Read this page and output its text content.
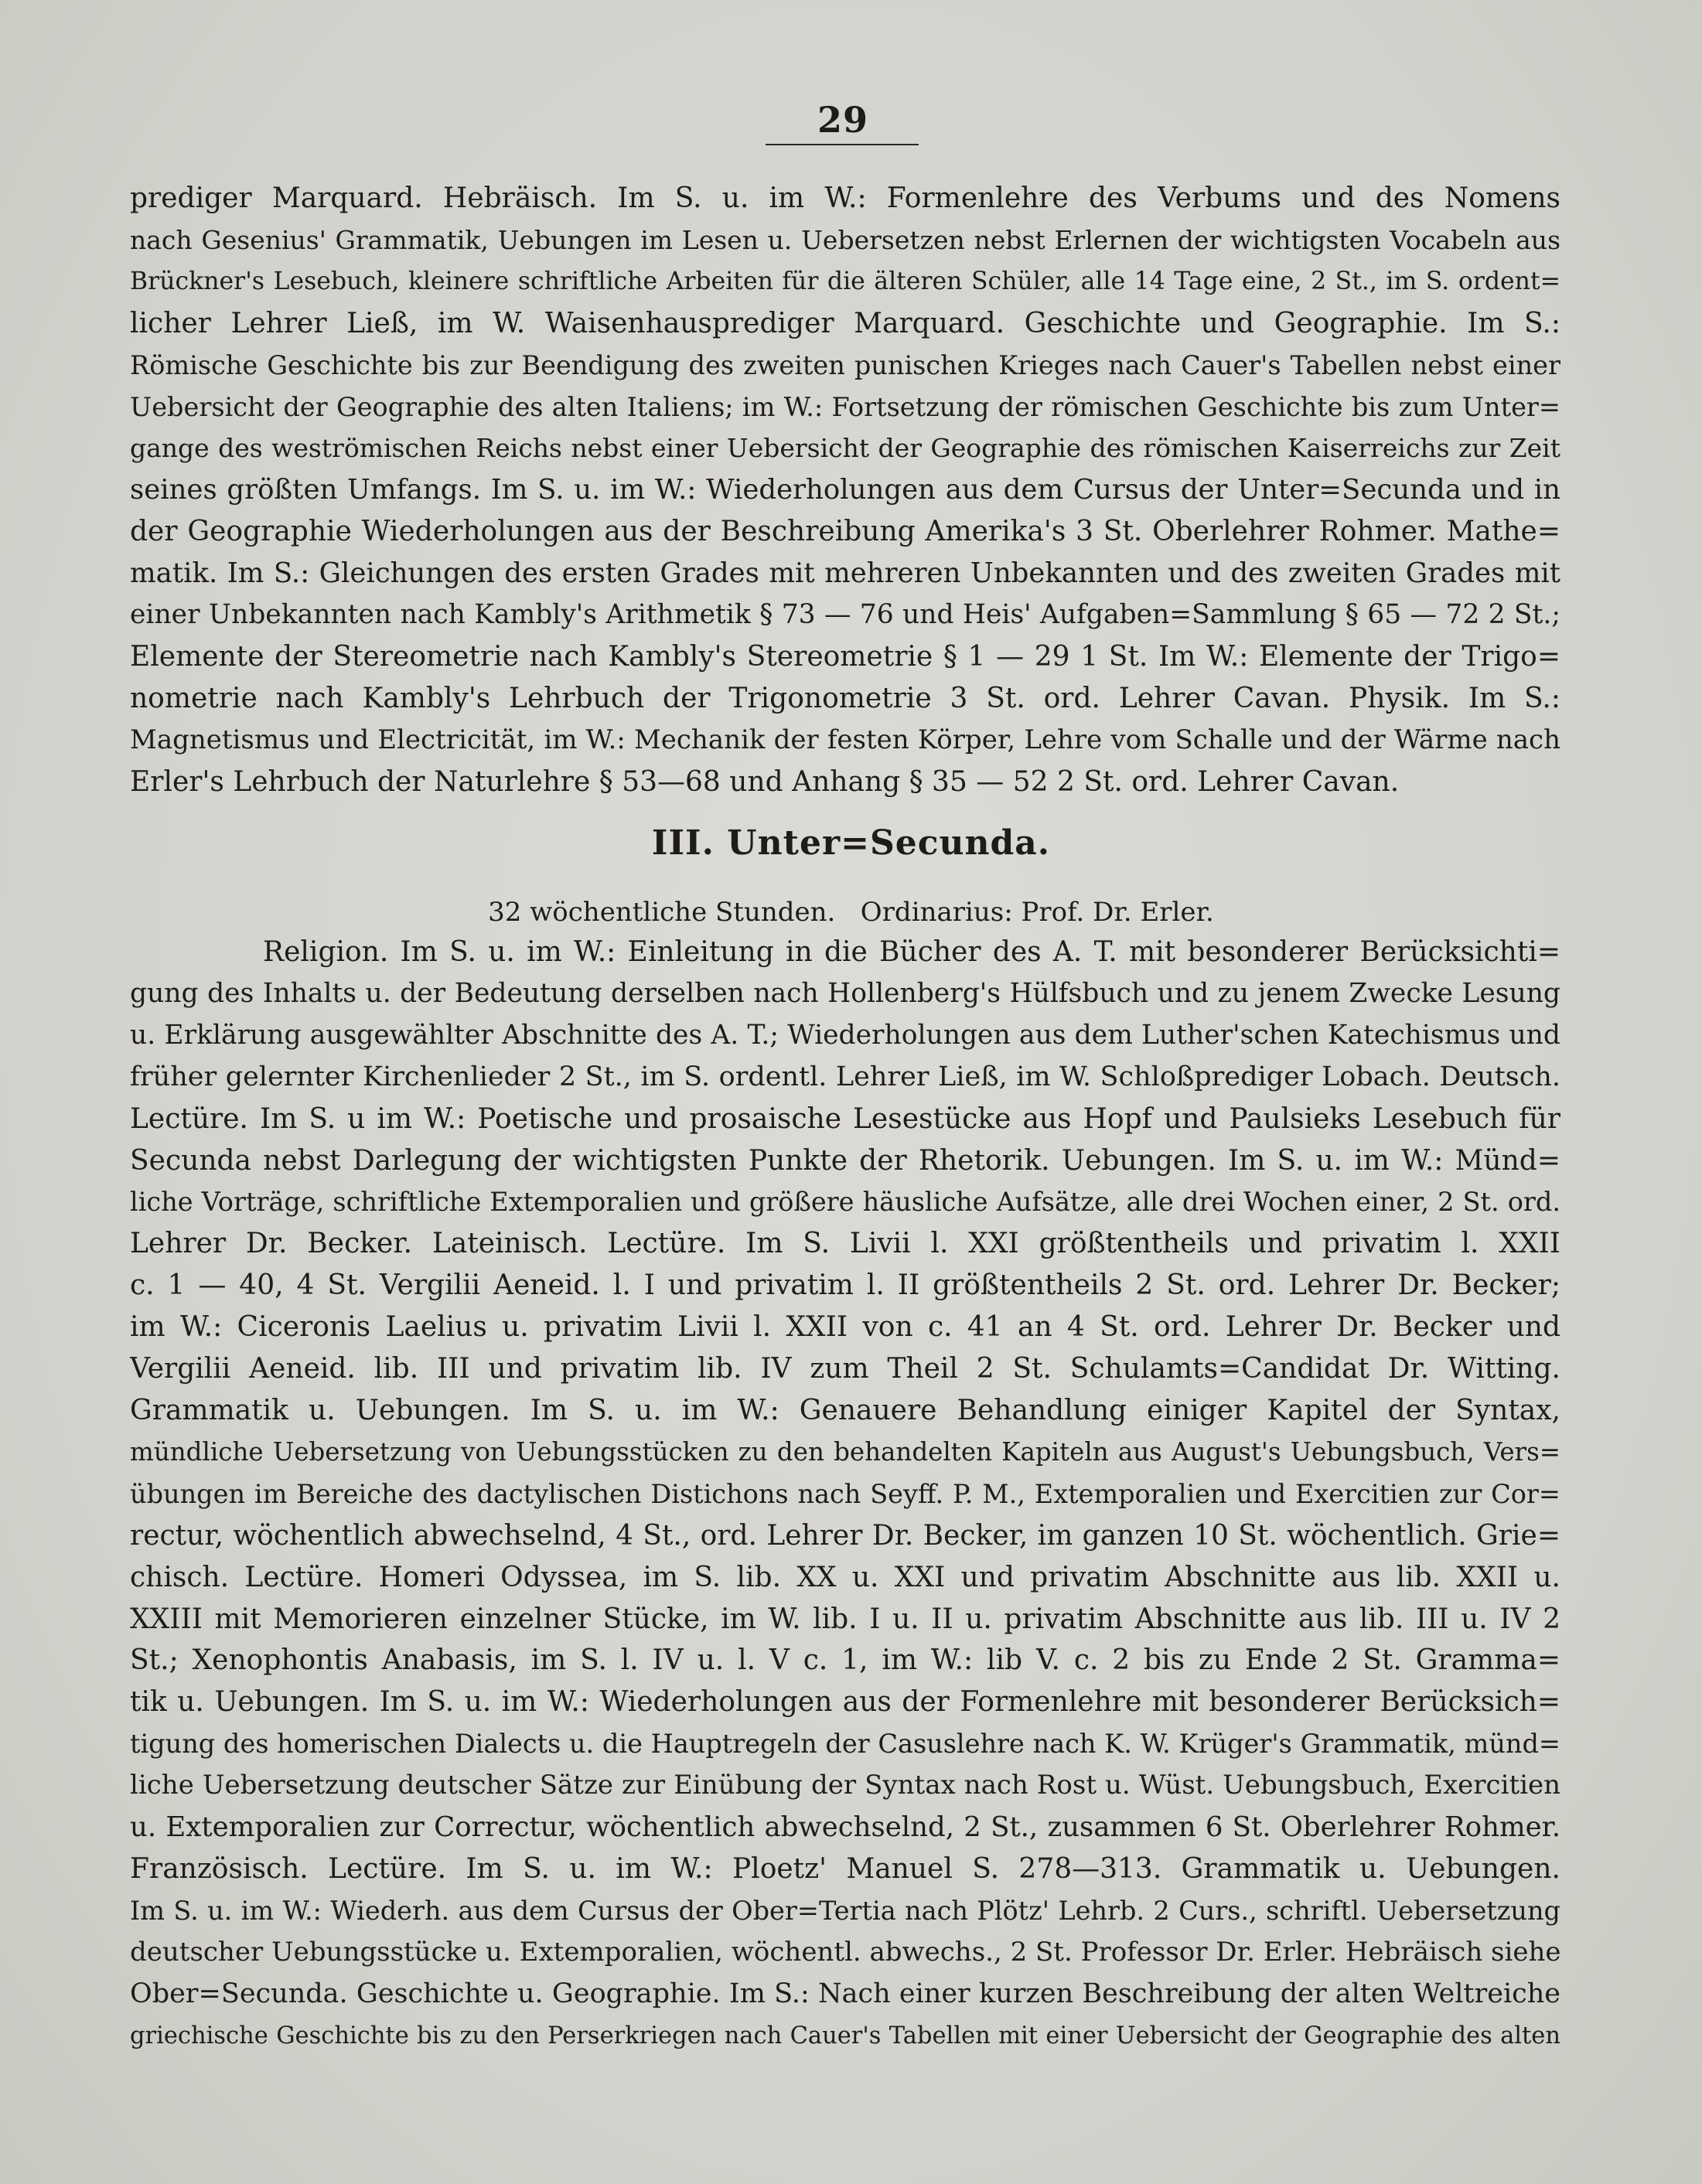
29
prediger Marquard. Hebräisch. Im S. u. im W.: Formenlehre des Verbums und des Nomens
nach Gesenius' Grammatik, Uebungen im Lesen u. Uebersetzen nebst Erlernen der wichtigsten Vocabeln aus
Brückner's Lesebuch, kleinere schriftliche Arbeiten für die älteren Schüler, alle 14 Tage eine, 2 St., im S. ordent=
licher Lehrer Ließ, im W. Waisenhausprediger Marquard. Geschichte und Geographie. Im S.:
Römische Geschichte bis zur Beendigung des zweiten punischen Krieges nach Cauer's Tabellen nebst einer
Uebersicht der Geographie des alten Italiens; im W.: Fortsetzung der römischen Geschichte bis zum Unter=
gange des weströmischen Reichs nebst einer Uebersicht der Geographie des römischen Kaiserreichs zur Zeit
seines größten Umfangs. Im S. u. im W.: Wiederholungen aus dem Cursus der Unter=Secunda und in
der Geographie Wiederholungen aus der Beschreibung Amerika's 3 St. Oberlehrer Rohmer. Mathe=
matik. Im S.: Gleichungen des ersten Grades mit mehreren Unbekannten und des zweiten Grades mit
einer Unbekannten nach Kambly's Arithmetik § 73 — 76 und Heis' Aufgaben=Sammlung § 65 — 72 2 St.;
Elemente der Stereometrie nach Kambly's Stereometrie § 1 — 29 1 St. Im W.: Elemente der Trigo=
nometrie nach Kambly's Lehrbuch der Trigonometrie 3 St. ord. Lehrer Cavan. Physik. Im S.:
Magnetismus und Electricität, im W.: Mechanik der festen Körper, Lehre vom Schalle und der Wärme nach
Erler's Lehrbuch der Naturlehre § 53—68 und Anhang § 35 — 52 2 St. ord. Lehrer Cavan.
III. Unter=Secunda.
32 wöchentliche Stunden. Ordinarius: Prof. Dr. Erler.
Religion. Im S. u. im W.: Einleitung in die Bücher des A. T. mit besonderer Berücksichti=
gung des Inhalts u. der Bedeutung derselben nach Hollenberg's Hülfsbuch und zu jenem Zwecke Lesung
u. Erklärung ausgewählter Abschnitte des A. T.; Wiederholungen aus dem Luther'schen Katechismus und
früher gelernter Kirchenlieder 2 St., im S. ordentl. Lehrer Ließ, im W. Schloßprediger Lobach. Deutsch.
Lectüre. Im S. u im W.: Poetische und prosaische Lesestücke aus Hopf und Paulsieks Lesebuch für
Secunda nebst Darlegung der wichtigsten Punkte der Rhetorik. Uebungen. Im S. u. im W.: Münd=
liche Vorträge, schriftliche Extemporalien und größere häusliche Aufsätze, alle drei Wochen einer, 2 St. ord.
Lehrer Dr. Becker. Lateinisch. Lectüre. Im S. Livii l. XXI größtentheils und privatim l. XXII
c. 1 — 40, 4 St. Vergilii Aeneid. l. I und privatim l. II größtentheils 2 St. ord. Lehrer Dr. Becker;
im W.: Ciceronis Laelius u. privatim Livii l. XXII von c. 41 an 4 St. ord. Lehrer Dr. Becker und
Vergilii Aeneid. lib. III und privatim lib. IV zum Theil 2 St. Schulamts=Candidat Dr. Witting.
Grammatik u. Uebungen. Im S. u. im W.: Genauere Behandlung einiger Kapitel der Syntax,
mündliche Uebersetzung von Uebungsstücken zu den behandelten Kapiteln aus August's Uebungsbuch, Vers=
übungen im Bereiche des dactylischen Distichons nach Seyff. P. M., Extemporalien und Exercitien zur Cor=
rectur, wöchentlich abwechselnd, 4 St., ord. Lehrer Dr. Becker, im ganzen 10 St. wöchentlich. Grie=
chisch. Lectüre. Homeri Odyssea, im S. lib. XX u. XXI und privatim Abschnitte aus lib. XXII u.
XXIII mit Memorieren einzelner Stücke, im W. lib. I u. II u. privatim Abschnitte aus lib. III u. IV 2
St.; Xenophontis Anabasis, im S. l. IV u. l. V c. 1, im W.: lib V. c. 2 bis zu Ende 2 St. Gramma=
tik u. Uebungen. Im S. u. im W.: Wiederholungen aus der Formenlehre mit besonderer Berücksich=
tigung des homerischen Dialects u. die Hauptregeln der Casuslehre nach K. W. Krüger's Grammatik, münd=
liche Uebersetzung deutscher Sätze zur Einübung der Syntax nach Rost u. Wüst. Uebungsbuch, Exercitien
u. Extemporalien zur Correctur, wöchentlich abwechselnd, 2 St., zusammen 6 St. Oberlehrer Rohmer.
Französisch. Lectüre. Im S. u. im W.: Ploetz' Manuel S. 278—313. Grammatik u. Uebungen.
Im S. u. im W.: Wiederh. aus dem Cursus der Ober=Tertia nach Plötz' Lehrb. 2 Curs., schriftl. Uebersetzung
deutscher Uebungsstücke u. Extemporalien, wöchentl. abwechs., 2 St. Professor Dr. Erler. Hebräisch siehe
Ober=Secunda. Geschichte u. Geographie. Im S.: Nach einer kurzen Beschreibung der alten Weltreiche
griechische Geschichte bis zu den Perserkriegen nach Cauer's Tabellen mit einer Uebersicht der Geographie des alten
